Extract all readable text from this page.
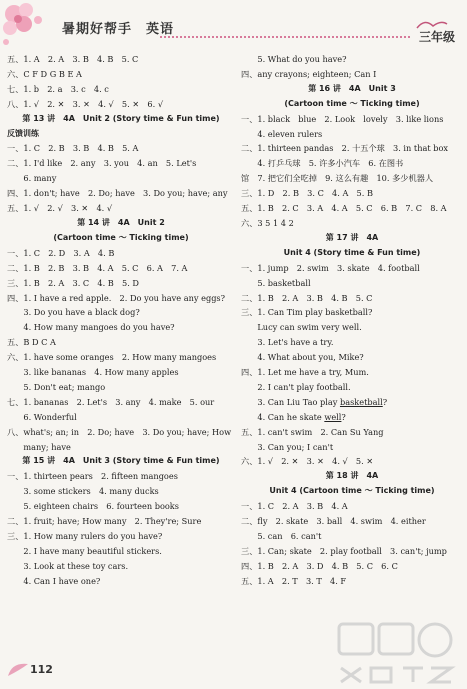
暑期好帮手　英语	三年级
五、1. A　2. A　3. B　4. B　5. C
六、C F D G B E A
七、1. b　2. a　3. c　4. c
八、1. √　2. ✕　3. ✕　4. √　5. ✕　6. √
第 13 讲　4A　Unit 2 (Story time & Fun time)
反馈训练
一、1. C　2. B　3. B　4. B　5. A
二、1. I'd like　2. any　3. you　4. an　5. Let's
　　6. many
四、1. don't; have　2. Do; have　3. Do you; have; any
五、1. √　2. √　3. ✕　4. √
第 14 讲　4A　Unit 2
(Cartoon time ～ Ticking time)
一、1. C　2. D　3. A　4. B
二、1. B　2. B　3. B　4. A　5. C　6. A　7. A
三、1. B　2. A　3. C　4. B　5. D
四、1. I have a red apple.　2. Do you have any eggs?
　　3. Do you have a black dog?
　　4. How many mangoes do you have?
五、B D C A
六、1. have some oranges　2. How many mangoes
　　3. like bananas　4. How many apples
　　5. Don't eat; mango
七、1. bananas　2. Let's　3. any　4. make　5. our
　　6. Wonderful
八、what's; an; in　2. Do; have　3. Do you; have; How
　　many; have
第 15 讲　4A　Unit 3 (Story time & Fun time)
一、1. thirteen pears　2. fifteen mangoes
　　3. some stickers　4. many ducks
　　5. eighteen chairs　6. fourteen books
二、1. fruit; have; How many　2. They're; Sure
三、1. How many rulers do you have?
　　2. I have many beautiful stickers.
　　3. Look at these toy cars.
　　4. Can I have one?
　　5. What do you have?
四、any crayons; eighteen; Can I
第 16 讲　4A　Unit 3
(Cartoon time ～ Ticking time)
一、1. black　blue　2. Look　lovely　3. like lions
　　4. eleven rulers
二、1. thirteen pandas　2. 十五个球　3. in that box
　　4. 打乒乓球　5. 许多小汽车　6. 在图书
馆　7. 把它们全吃掉　9. 这么有趣　10. 多少机器人
三、1. D　2. B　3. C　4. A　5. B
五、1. B　2. C　3. A　4. A　5. C　6. B　7. C　8. A
六、3 5 1 4 2
第 17 讲　4A
Unit 4 (Story time & Fun time)
一、1. jump　2. swim　3. skate　4. football
　　5. basketball
二、1. B　2. A　3. B　4. B　5. C
三、1. Can Tim play basketball?
　　Lucy can swim very well.
　　3. Let's have a try.
　　4. What about you, Mike?
四、1. Let me have a try, Mum.
　　2. I can't play football.
　　3. Can Liu Tao play basketball?
　　4. Can he skate well?
五、1. can't swim　2. Can Su Yang
　　3. Can you; I can't
六、1. √　2. ✕　3. ✕　4. √　5. ✕
第 18 讲　4A
Unit 4 (Cartoon time ～ Ticking time)
一、1. C　2. A　3. B　4. A
二、fly　2. skate　3. ball　4. swim　4. either
　　5. can　6. can't
三、1. Can; skate　2. play football　3. can't; jump
四、1. B　2. A　3. D　4. B　5. C　6. C
五、1. A　2. T　3. T　4. F
112
